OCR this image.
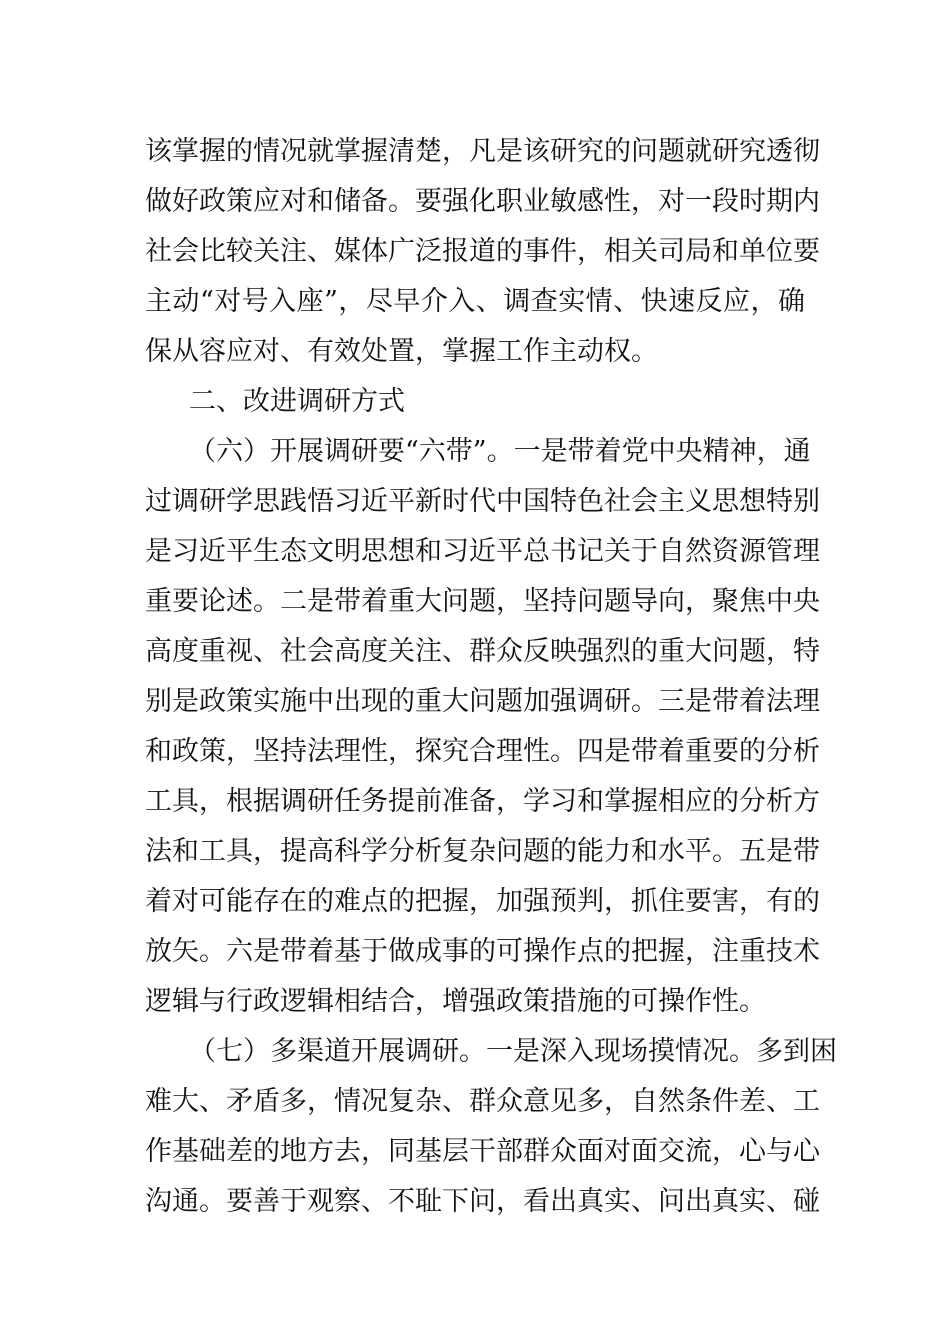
该掌握的情况就掌握清楚，凡是该研究的问题就研究透彻
做好政策应对和储备。要强化职业敏感性，对一段时期内
社会比较关注、媒体广泛报道的事件，相关司局和单位要
主动“对号入座”，尽早介入、调查实情、快速反应，确
保从容应对、有效处置，掌握工作主动权。
二、改进调研方式
（六）开展调研要“六带”。一是带着党中央精神，通
过调研学思践悟习近平新时代中国特色社会主义思想特别
是习近平生态文明思想和习近平总书记关于自然资源管理
重要论述。二是带着重大问题，坚持问题导向，聚焦中央
高度重视、社会高度关注、群众反映强烈的重大问题，特
别是政策实施中出现的重大问题加强调研。三是带着法理
和政策，坚持法理性，探究合理性。四是带着重要的分析
工具，根据调研任务提前准备，学习和掌握相应的分析方
法和工具，提高科学分析复杂问题的能力和水平。五是带
着对可能存在的难点的把握，加强预判，抓住要害，有的
放矢。六是带着基于做成事的可操作点的把握，注重技术
逻辑与行政逻辑相结合，增强政策措施的可操作性。
（七）多渠道开展调研。一是深入现场摸情况。多到困
难大、矛盾多，情况复杂、群众意见多，自然条件差、工
作基础差的地方去，同基层干部群众面对面交流，心与心
沟通。要善于观察、不耻下问，看出真实、问出真实、碰
